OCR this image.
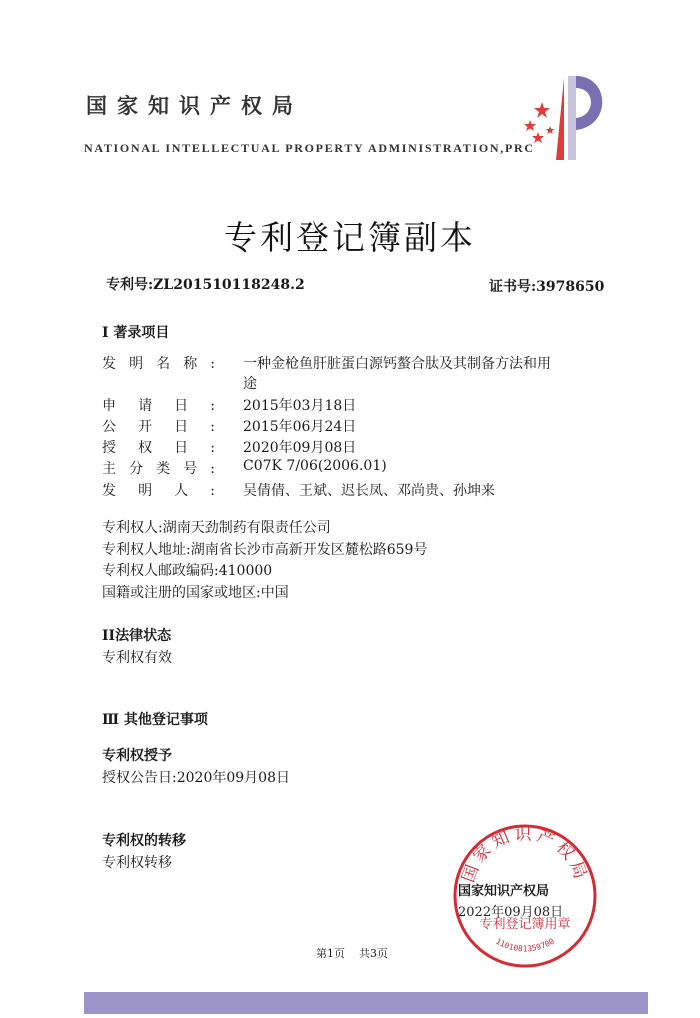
国家知识产权局
NATIONAL INTELLECTUAL PROPERTY ADMINISTRATION,PRC
专利登记簿副本
专利号:ZL201510118248.2	证书号:3978650
Ⅰ 著录项目
发明名称: 一种金枪鱼肝脏蛋白源钙螯合肽及其制备方法和用
途
申请日: 2015年03月18日
公开日: 2015年06月24日
授权日: 2020年09月08日
主分类号: C07K 7/06(2006.01)
发明人: 吴倩倩、王斌、迟长凤、邓尚贵、孙坤来
专利权人:湖南天劲制药有限责任公司
专利权人地址:湖南省长沙市高新开发区麓松路659号
专利权人邮政编码:410000
国籍或注册的国家或地区:中国
II法律状态
专利权有效
Ⅲ 其他登记事项
专利权授予
授权公告日:2020年09月08日
专利权的转移
专利权转移	国家知识产权局
专利登记簿用章
1101081359700
国家知识产权局
2022年09月08日
第1页    共3页
